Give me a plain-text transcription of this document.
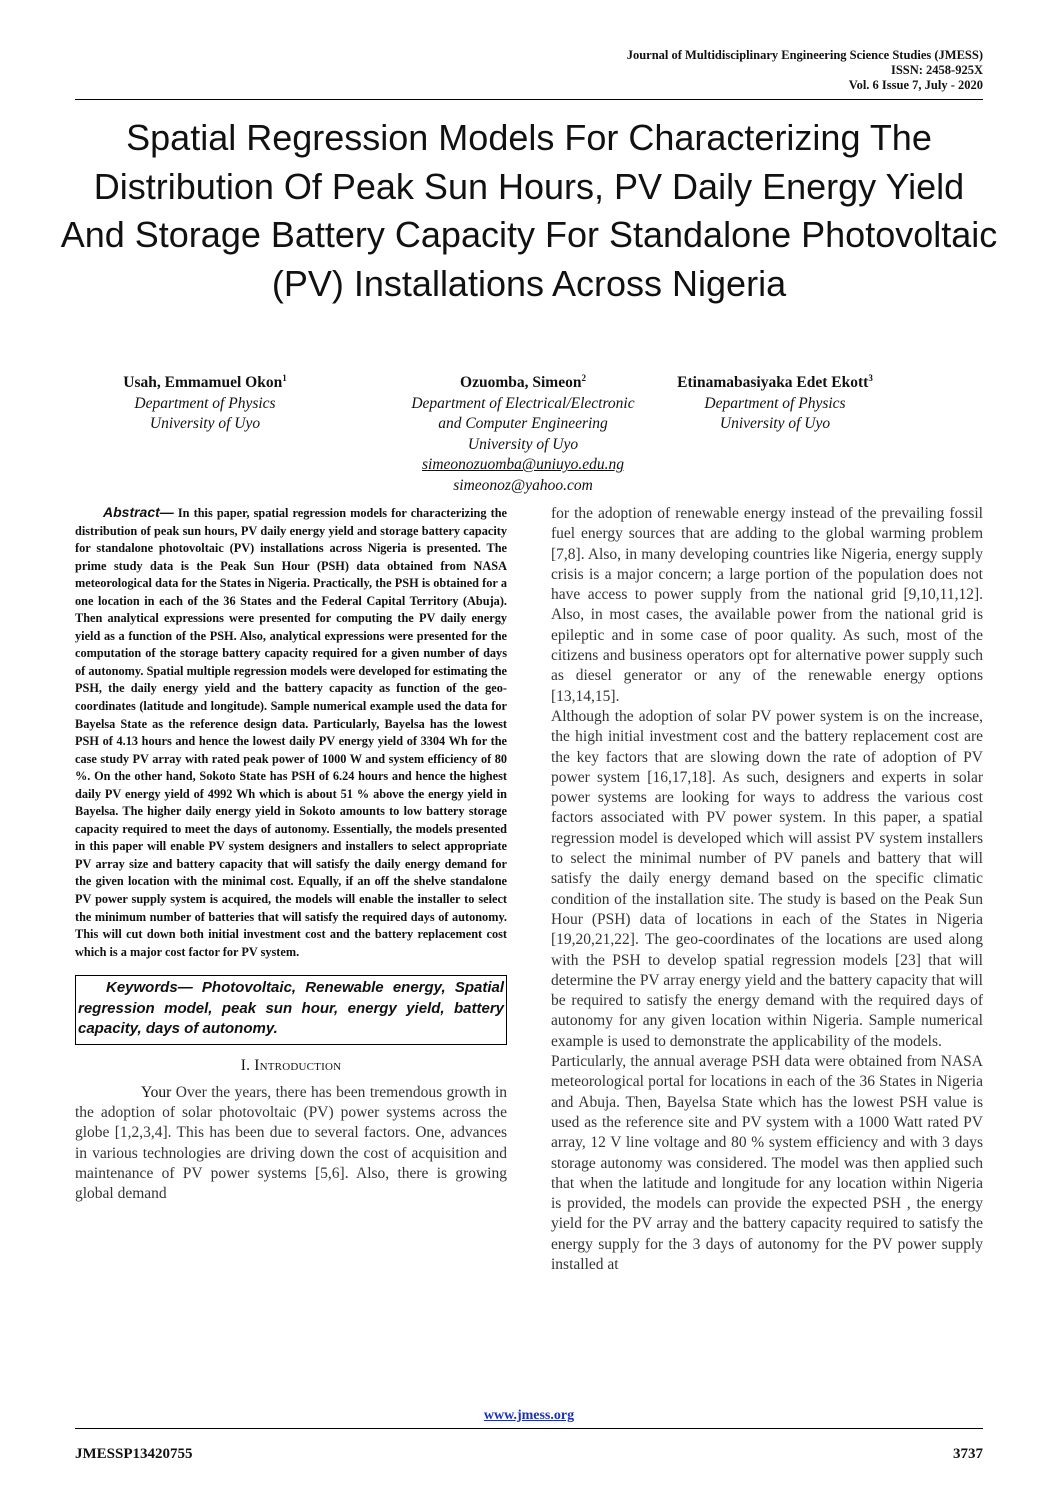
Journal of Multidisciplinary Engineering Science Studies (JMESS)
ISSN: 2458-925X
Vol. 6 Issue 7, July - 2020
Spatial Regression Models For Characterizing The Distribution Of Peak Sun Hours, PV Daily Energy Yield And Storage Battery Capacity For Standalone Photovoltaic (PV) Installations Across Nigeria
Usah, Emmamuel Okon$^1$
Department of Physics
University of Uyo
Ozuomba, Simeon$^2$
Department of Electrical/Electronic
and Computer Engineering
University of Uyo
simeonozuomba@uniuyo.edu.ng
simeonoz@yahoo.com
Etinamabasiyaka Edet Ekott$^3$
Department of Physics
University of Uyo
Abstract— In this paper, spatial regression models for characterizing the distribution of peak sun hours, PV daily energy yield and storage battery capacity for standalone photovoltaic (PV) installations across Nigeria is presented. The prime study data is the Peak Sun Hour (PSH) data obtained from NASA meteorological data for the States in Nigeria. Practically, the PSH is obtained for a one location in each of the 36 States and the Federal Capital Territory (Abuja). Then analytical expressions were presented for computing the PV daily energy yield as a function of the PSH. Also, analytical expressions were presented for the computation of the storage battery capacity required for a given number of days of autonomy. Spatial multiple regression models were developed for estimating the PSH, the daily energy yield and the battery capacity as function of the geo-coordinates (latitude and longitude). Sample numerical example used the data for Bayelsa State as the reference design data. Particularly, Bayelsa has the lowest PSH of 4.13 hours and hence the lowest daily PV energy yield of 3304 Wh for the case study PV array with rated peak power of 1000 W and system efficiency of 80 %. On the other hand, Sokoto State has PSH of 6.24 hours and hence the highest daily PV energy yield of 4992 Wh which is about 51 % above the energy yield in Bayelsa. The higher daily energy yield in Sokoto amounts to low battery storage capacity required to meet the days of autonomy. Essentially, the models presented in this paper will enable PV system designers and installers to select appropriate PV array size and battery capacity that will satisfy the daily energy demand for the given location with the minimal cost. Equally, if an off the shelve standalone PV power supply system is acquired, the models will enable the installer to select the minimum number of batteries that will satisfy the required days of autonomy. This will cut down both initial investment cost and the battery replacement cost which is a major cost factor for PV system.
Keywords— Photovoltaic, Renewable energy, Spatial regression model, peak sun hour, energy yield, battery capacity, days of autonomy.
I. Introduction
Your Over the years, there has been tremendous growth in the adoption of solar photovoltaic (PV) power systems across the globe [1,2,3,4]. This has been due to several factors. One, advances in various technologies are driving down the cost of acquisition and maintenance of PV power systems [5,6]. Also, there is growing global demand

for the adoption of renewable energy instead of the prevailing fossil fuel energy sources that are adding to the global warming problem [7,8]. Also, in many developing countries like Nigeria, energy supply crisis is a major concern; a large portion of the population does not have access to power supply from the national grid [9,10,11,12]. Also, in most cases, the available power from the national grid is epileptic and in some case of poor quality. As such, most of the citizens and business operators opt for alternative power supply such as diesel generator or any of the renewable energy options [13,14,15].

Although the adoption of solar PV power system is on the increase, the high initial investment cost and the battery replacement cost are the key factors that are slowing down the rate of adoption of PV power system [16,17,18]. As such, designers and experts in solar power systems are looking for ways to address the various cost factors associated with PV power system. In this paper, a spatial regression model is developed which will assist PV system installers to select the minimal number of PV panels and battery that will satisfy the daily energy demand based on the specific climatic condition of the installation site. The study is based on the Peak Sun Hour (PSH) data of locations in each of the States in Nigeria [19,20,21,22]. The geo-coordinates of the locations are used along with the PSH to develop spatial regression models [23] that will determine the PV array energy yield and the battery capacity that will be required to satisfy the energy demand with the required days of autonomy for any given location within Nigeria. Sample numerical example is used to demonstrate the applicability of the models.

Particularly, the annual average PSH data were obtained from NASA meteorological portal for locations in each of the 36 States in Nigeria and Abuja. Then, Bayelsa State which has the lowest PSH value is used as the reference site and PV system with a 1000 Watt rated PV array, 12 V line voltage and 80 % system efficiency and with 3 days storage autonomy was considered. The model was then applied such that when the latitude and longitude for any location within Nigeria is provided, the models can provide the expected PSH , the energy yield for the PV array and the battery capacity required to satisfy the energy supply for the 3 days of autonomy for the PV power supply installed at

www.jmess.org
JMESSP13420755	3737
